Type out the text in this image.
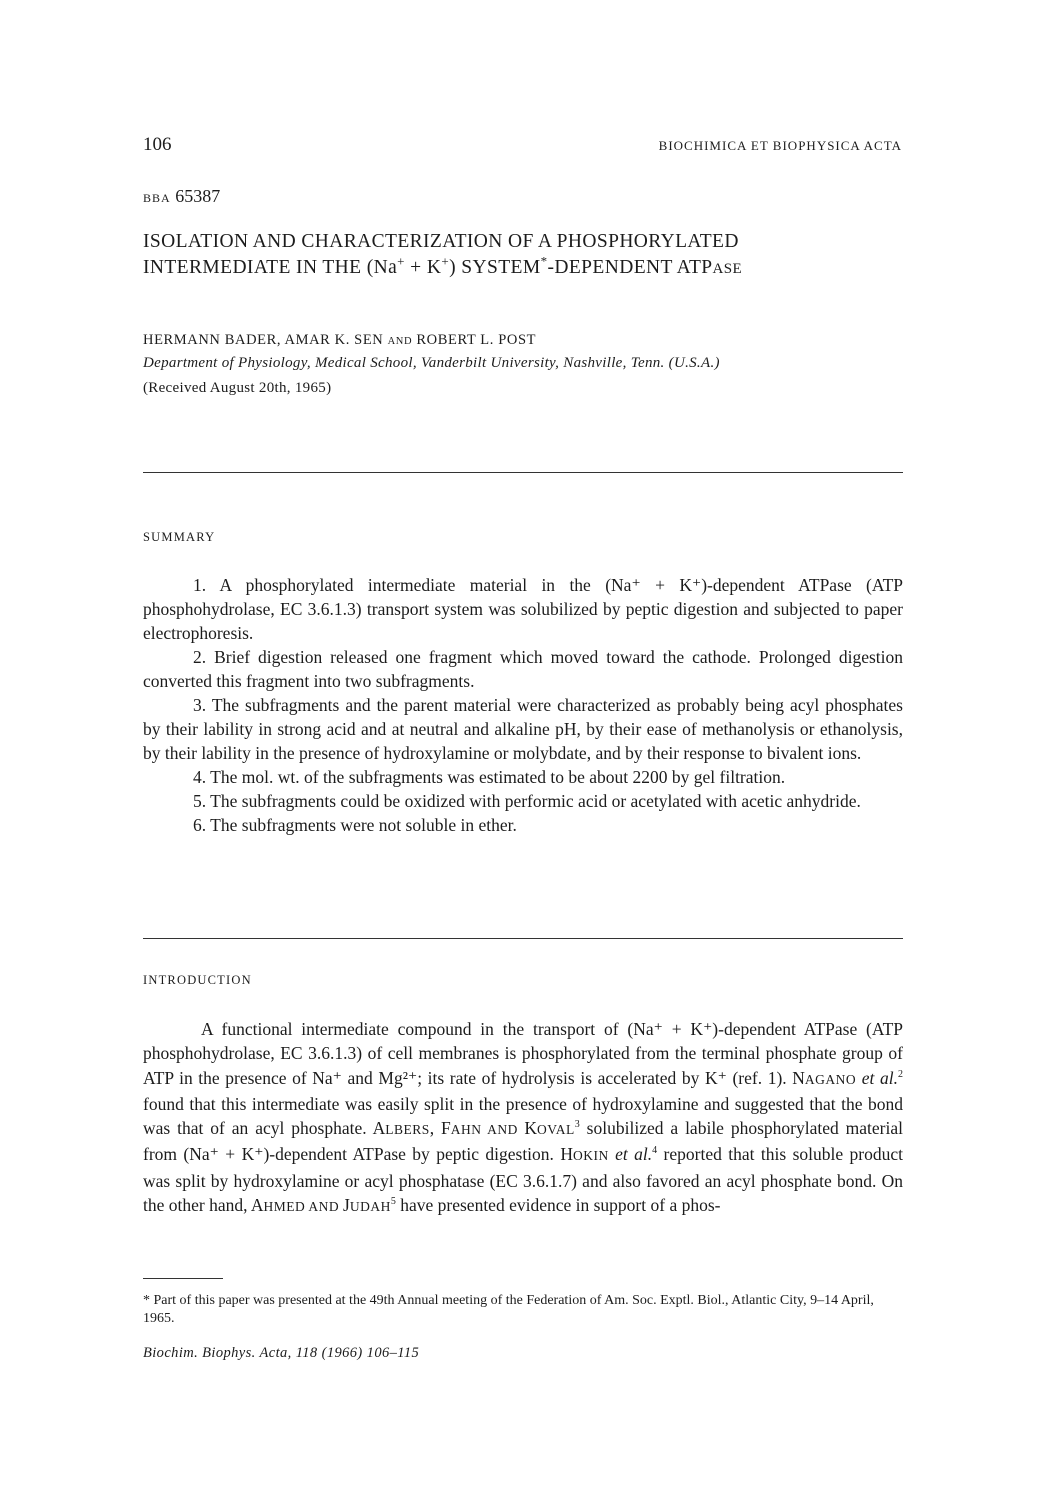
106	BIOCHIMICA ET BIOPHYSICA ACTA
BBA 65387
ISOLATION AND CHARACTERIZATION OF A PHOSPHORYLATED
INTERMEDIATE IN THE (Na+ + K+) SYSTEM*-DEPENDENT ATPASE
HERMANN BADER, AMAR K. SEN AND ROBERT L. POST
Department of Physiology, Medical School, Vanderbilt University, Nashville, Tenn. (U.S.A.)
(Received August 20th, 1965)
SUMMARY

1. A phosphorylated intermediate material in the (Na⁺ + K⁺)-dependent ATPase (ATP phosphohydrolase, EC 3.6.1.3) transport system was solubilized by peptic digestion and subjected to paper electrophoresis.

2. Brief digestion released one fragment which moved toward the cathode. Prolonged digestion converted this fragment into two subfragments.

3. The subfragments and the parent material were characterized as probably being acyl phosphates by their lability in strong acid and at neutral and alkaline pH, by their ease of methanolysis or ethanolysis, by their lability in the presence of hydroxylamine or molybdate, and by their response to bivalent ions.

4. The mol. wt. of the subfragments was estimated to be about 2200 by gel filtration.

5. The subfragments could be oxidized with performic acid or acetylated with acetic anhydride.

6. The subfragments were not soluble in ether.

INTRODUCTION
A functional intermediate compound in the transport of (Na⁺ + K⁺)-dependent ATPase (ATP phosphohydrolase, EC 3.6.1.3) of cell membranes is phosphorylated from the terminal phosphate group of ATP in the presence of Na⁺ and Mg²⁺; its rate of hydrolysis is accelerated by K⁺ (ref. 1). NAGANO et al.$^2$ found that this intermediate was easily split in the presence of hydroxylamine and suggested that the bond was that of an acyl phosphate. ALBERS, FAHN AND KOVAL$^3$ solubilized a labile phosphorylated material from (Na⁺ + K⁺)-dependent ATPase by peptic digestion. HOKIN et al.$^4$ reported that this soluble product was split by hydroxylamine or acyl phosphatase (EC 3.6.1.7) and also favored an acyl phosphate bond. On the other hand, AHMED AND JUDAH$^5$ have presented evidence in support of a phos-
* Part of this paper was presented at the 49th Annual meeting of the Federation of Am. Soc. Exptl. Biol., Atlantic City, 9–14 April, 1965.
Biochim. Biophys. Acta, 118 (1966) 106–115
